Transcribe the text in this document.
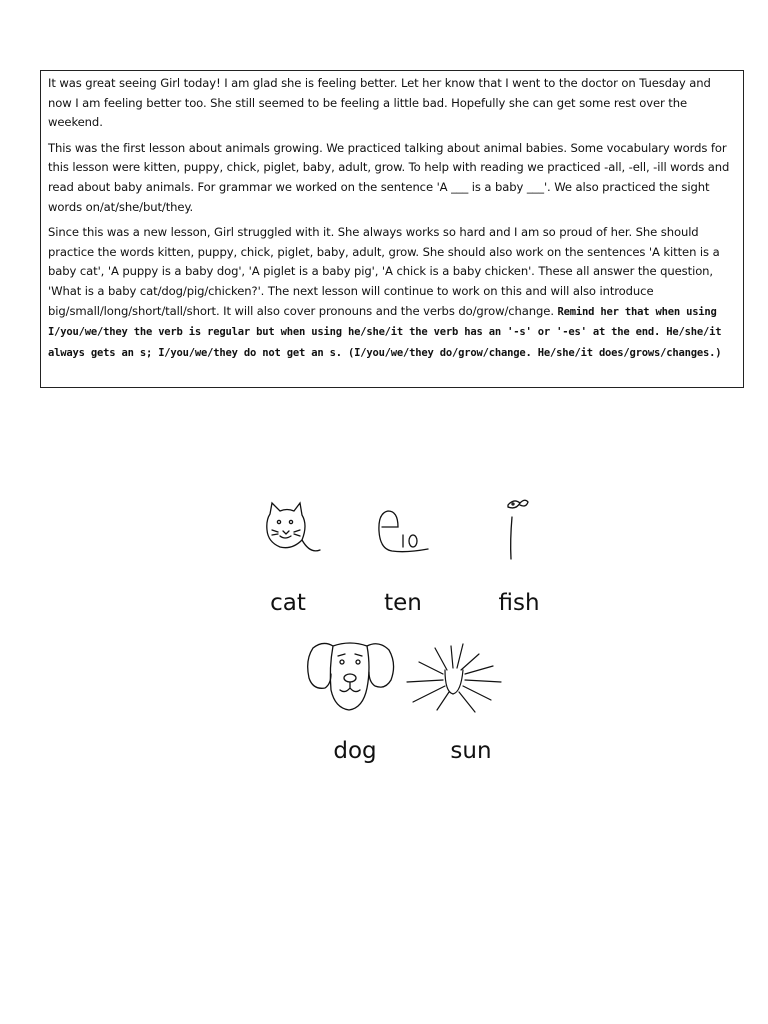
It was great seeing Girl today! I am glad she is feeling better. Let her know that I went to the doctor on Tuesday and now I am feeling better too. She still seemed to be feeling a little bad. Hopefully she can get some rest over the weekend.

This was the first lesson about animals growing. We practiced talking about animal babies. Some vocabulary words for this lesson were kitten, puppy, chick, piglet, baby, adult, grow. To help with reading we practiced -all, -ell, -ill words and read about baby animals. For grammar we worked on the sentence 'A ___ is a baby ___'. We also practiced the sight words on/at/she/but/they.

Since this was a new lesson, Girl struggled with it. She always works so hard and I am so proud of her. She should practice the words kitten, puppy, chick, piglet, baby, adult, grow. She should also work on the sentences 'A kitten is a baby cat', 'A puppy is a baby dog', 'A piglet is a baby pig', 'A chick is a baby chicken'. These all answer the question, 'What is a baby cat/dog/pig/chicken?'. The next lesson will continue to work on this and will also introduce big/small/long/short/tall/short. It will also cover pronouns and the verbs do/grow/change. Remind her that when using I/you/we/they the verb is regular but when using he/she/it the verb has an '-s' or '-es' at the end. He/she/it always gets an s; I/you/we/they do not get an s. (I/you/we/they do/grow/change. He/she/it does/grows/changes.)

cat	ten	fish
dog	sun
